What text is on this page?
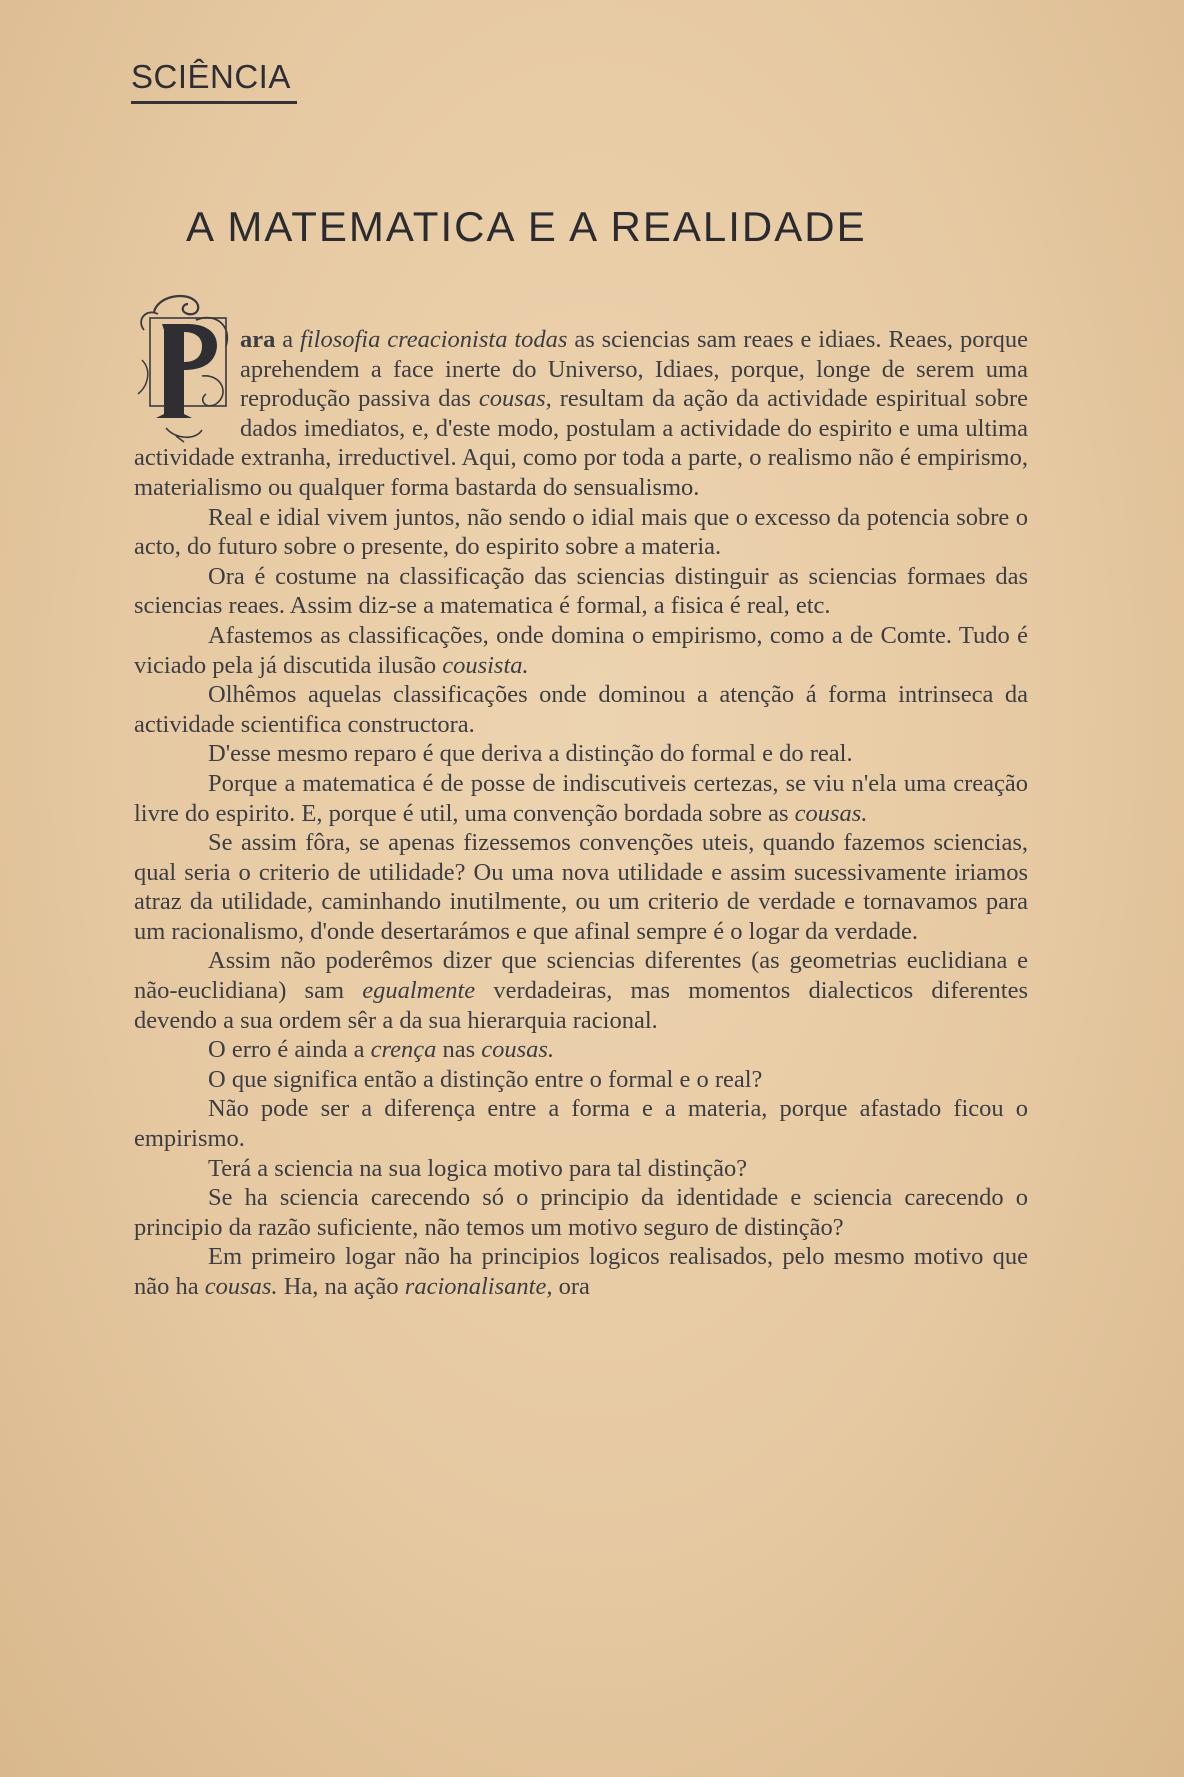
SCIÊNCIA
A MATEMATICA E A REALIDADE

ara a filosofia creacionista todas as sciencias sam reaes e idiaes. Reaes, porque aprehendem a face inerte do Universo, Idiaes, porque, longe de serem uma reprodução passiva das cousas, resultam da ação da actividade espiritual sobre dados imediatos, e, d'este modo, postulam a actividade do espirito e uma ultima actividade extranha, irreductivel. Aqui, como por toda a parte, o realismo não é empirismo, materialismo ou qualquer forma bastarda do sensualismo.

Real e idial vivem juntos, não sendo o idial mais que o excesso da potencia sobre o acto, do futuro sobre o presente, do espirito sobre a materia.

Ora é costume na classificação das sciencias distinguir as sciencias formaes das sciencias reaes. Assim diz-se a matematica é formal, a fisica é real, etc.

Afastemos as classificações, onde domina o empirismo, como a de Comte. Tudo é viciado pela já discutida ilusão cousista.

Olhêmos aquelas classificações onde dominou a atenção á forma intrinseca da actividade scientifica constructora.

D'esse mesmo reparo é que deriva a distinção do formal e do real.

Porque a matematica é de posse de indiscutiveis certezas, se viu n'ela uma creação livre do espirito. E, porque é util, uma convenção bordada sobre as cousas.

Se assim fôra, se apenas fizessemos convenções uteis, quando fazemos sciencias, qual seria o criterio de utilidade? Ou uma nova utilidade e assim sucessivamente iriamos atraz da utilidade, caminhando inutilmente, ou um criterio de verdade e tornavamos para um racionalismo, d'onde desertarámos e que afinal sempre é o logar da verdade.

Assim não poderêmos dizer que sciencias diferentes (as geometrias euclidiana e não-euclidiana) sam egualmente verdadeiras, mas momentos dialecticos diferentes devendo a sua ordem sêr a da sua hierarquia racional.

O erro é ainda a crença nas cousas.

O que significa então a distinção entre o formal e o real?

Não pode ser a diferença entre a forma e a materia, porque afastado ficou o empirismo.

Terá a sciencia na sua logica motivo para tal distinção?

Se ha sciencia carecendo só o principio da identidade e sciencia carecendo o principio da razão suficiente, não temos um motivo seguro de distinção?

Em primeiro logar não ha principios logicos realisados, pelo mesmo motivo que não ha cousas. Ha, na ação racionalisante, ora
